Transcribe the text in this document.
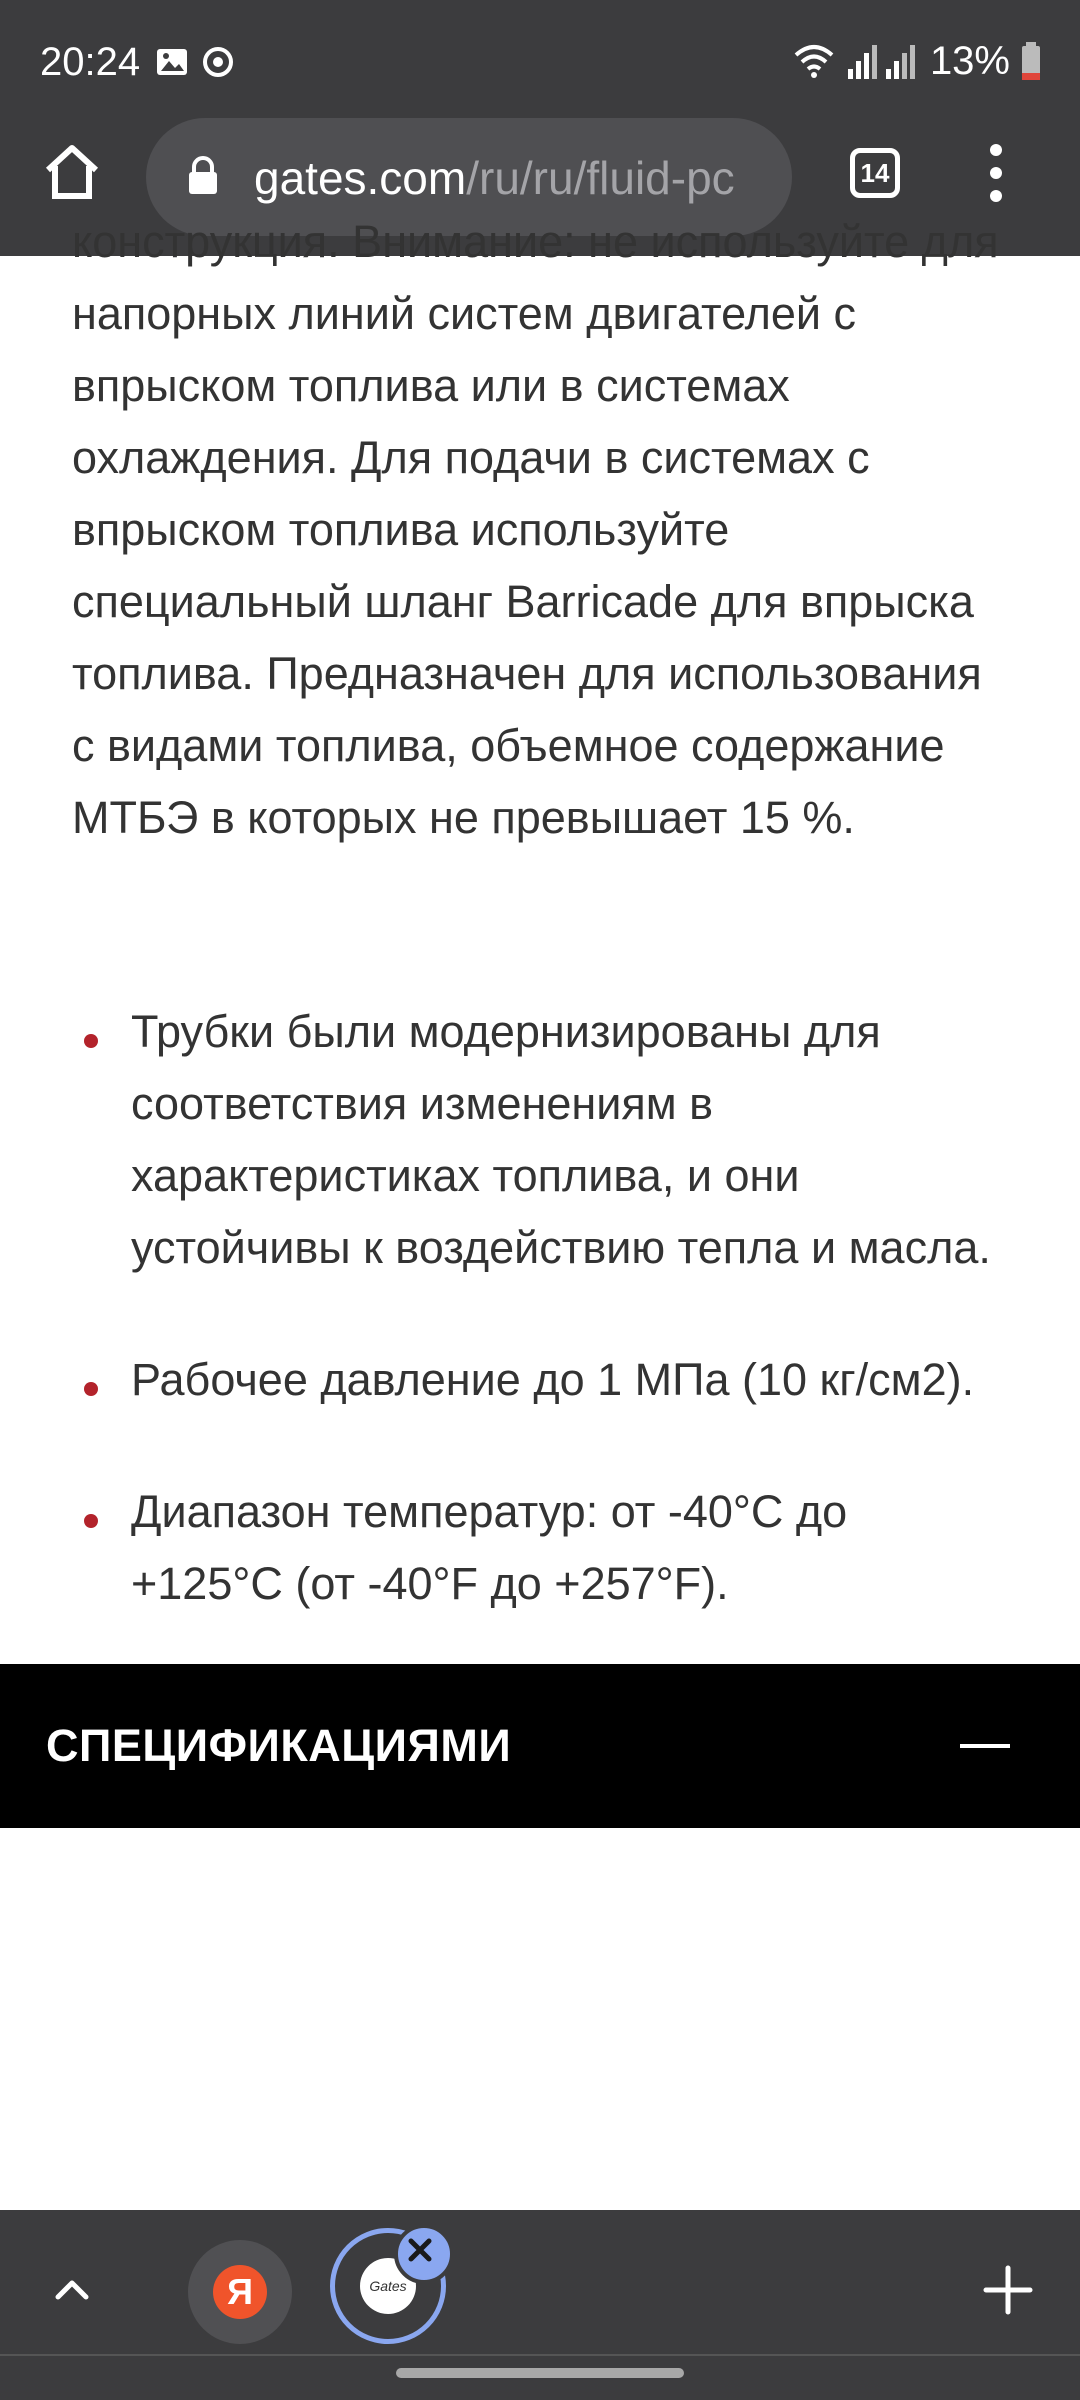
20:24	13%
gates.com/ru/ru/fluid-pc	14

конструкция. Внимание: не используйте для напорных линий систем двигателей с впрыском топлива или в системах охлаждения. Для подачи в системах с впрыском топлива используйте специальный шланг Barricade для впрыска топлива. Предназначен для использования с видами топлива, объемное содержание МТБЭ в которых не превышает 15 %.

Трубки были модернизированы для соответствия изменениям в характеристиках топлива, и они устойчивы к воздействию тепла и масла.
Рабочее давление до 1 МПа (10 кг/см2).
Диапазон температур: от -40°C до +125°C (от -40°F до +257°F).
СПЕЦИФИКАЦИЯМИ
Я	Gates
